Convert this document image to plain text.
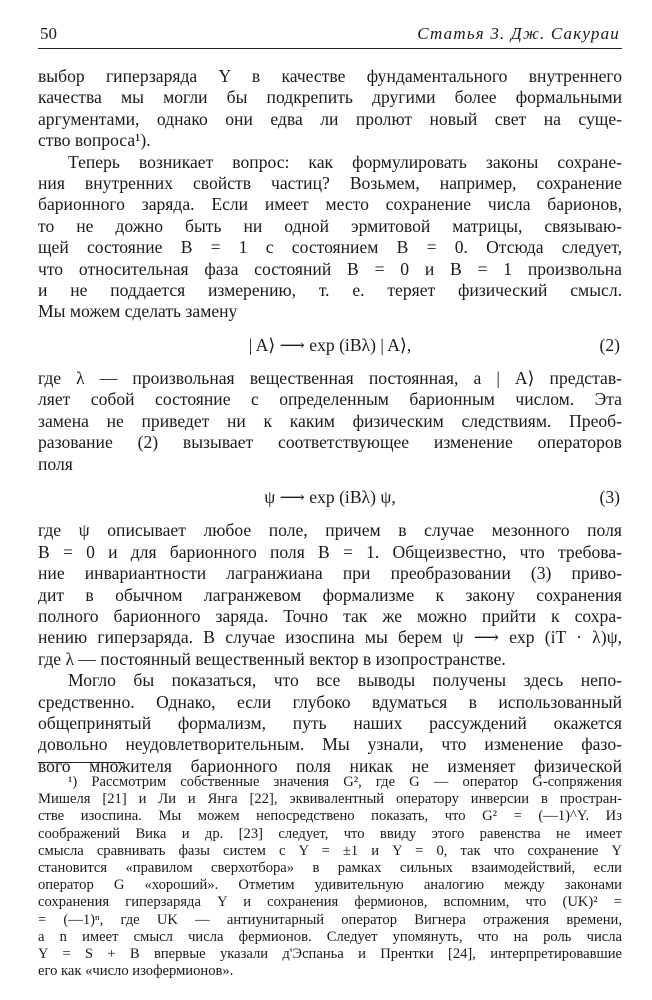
50	Статья 3. Дж. Сакураи
выбор гиперзаряда Y в качестве фундаментального внутреннего
качества мы могли бы подкрепить другими более формальными
аргументами, однако они едва ли пролют новый свет на суще-
ство вопроса¹).
Теперь возникает вопрос: как формулировать законы сохране-
ния внутренних свойств частиц? Возьмем, например, сохранение
барионного заряда. Если имеет место сохранение числа барионов,
то не дожно быть ни одной эрмитовой матрицы, связываю-
щей состояние B = 1 с состоянием B = 0. Отсюда следует,
что относительная фаза состояний B = 0 и B = 1 произвольна
и не поддается измерению, т. е. теряет физический смысл.
Мы можем сделать замену
| A⟩ ⟶ exp (iBλ) | A⟩,	(2)
где λ — произвольная вещественная постоянная, а | A⟩ представ-
ляет собой состояние с определенным барионным числом. Эта
замена не приведет ни к каким физическим следствиям. Преоб-
разование (2) вызывает соответствующее изменение операторов
поля
ψ ⟶ exp (iBλ) ψ,	(3)
где ψ описывает любое поле, причем в случае мезонного поля
B = 0 и для барионного поля B = 1. Общеизвестно, что требова-
ние инвариантности лагранжиана при преобразовании (3) приво-
дит в обычном лагранжевом формализме к закону сохранения
полного барионного заряда. Точно так же можно прийти к сохра-
нению гиперзаряда. В случае изоспина мы берем ψ ⟶ exp (iT · λ)ψ,
где λ — постоянный вещественный вектор в изопространстве.
Могло бы показаться, что все выводы получены здесь непо-
средственно. Однако, если глубоко вдуматься в использованный
общепринятый формализм, путь наших рассуждений окажется
довольно неудовлетворительным. Мы узнали, что изменение фазо-
вого множителя барионного поля никак не изменяет физической
¹) Рассмотрим собственные значения G², где G — оператор G-сопряжения
Мишеля [21] и Ли и Янга [22], эквивалентный оператору инверсии в простран-
стве изоспина. Мы можем непосредствено показать, что G² = (—1)^Y. Из
соображений Вика и др. [23] следует, что ввиду этого равенства не имеет
смысла сравнивать фазы систем с Y = ±1 и Y = 0, так что сохранение Y
становится «правилом сверхотбора» в рамках сильных взаимодействий, если
оператор G «хороший». Отметим удивительную аналогию между законами
сохранения гиперзаряда Y и сохранения фермионов, вспомним, что (UK)² =
= (—1)ⁿ, где UK — антиунитарный оператор Вигнера отражения времени,
а n имеет смысл числа фермионов. Следует упомянуть, что на роль числа
Y = S + B впервые указали д'Эспаньа и Прентки [24], интерпретировавшие
его как «число изофермионов».
